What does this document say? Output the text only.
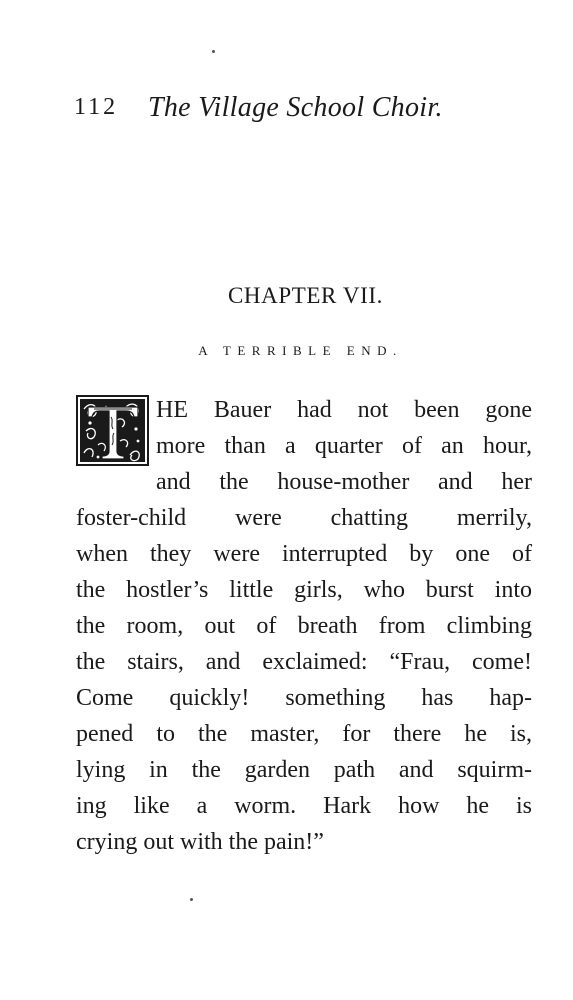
112 The Village School Choir.
CHAPTER VII.
A TERRIBLE END.
HE Bauer had not been gone
more than a quarter of an hour,
and the house-mother and her
foster-child were chatting merrily,
when they were interrupted by one of
the hostler’s little girls, who burst into
the room, out of breath from climbing
the stairs, and exclaimed: “Frau, come!
Come quickly! something has hap-
pened to the master, for there he is,
lying in the garden path and squirm-
ing like a worm. Hark how he is
crying out with the pain!”
